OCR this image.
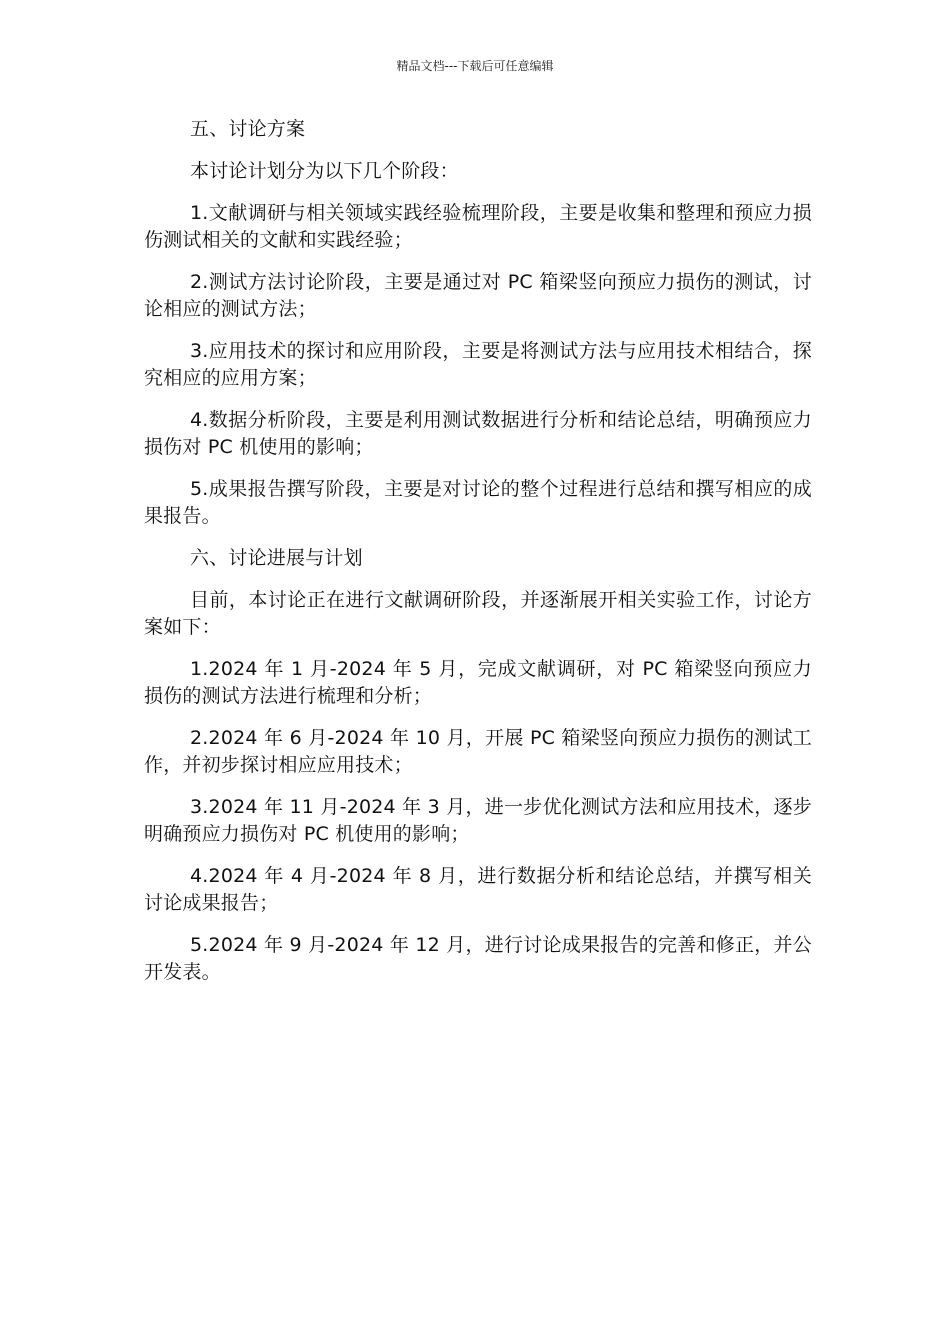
精品文档---下载后可任意编辑

五、讨论方案

本讨论计划分为以下几个阶段：

1.文献调研与相关领域实践经验梳理阶段，主要是收集和整理和预应力损伤测试相关的文献和实践经验；

2.测试方法讨论阶段，主要是通过对 PC 箱梁竖向预应力损伤的测试，讨论相应的测试方法；

3.应用技术的探讨和应用阶段，主要是将测试方法与应用技术相结合，探究相应的应用方案；

4.数据分析阶段，主要是利用测试数据进行分析和结论总结，明确预应力损伤对 PC 机使用的影响；

5.成果报告撰写阶段，主要是对讨论的整个过程进行总结和撰写相应的成果报告。

六、讨论进展与计划

目前，本讨论正在进行文献调研阶段，并逐渐展开相关实验工作，讨论方案如下：

1.2024 年 1 月-2024 年 5 月，完成文献调研，对 PC 箱梁竖向预应力损伤的测试方法进行梳理和分析；

2.2024 年 6 月-2024 年 10 月，开展 PC 箱梁竖向预应力损伤的测试工作，并初步探讨相应应用技术；

3.2024 年 11 月-2024 年 3 月，进一步优化测试方法和应用技术，逐步明确预应力损伤对 PC 机使用的影响；

4.2024 年 4 月-2024 年 8 月，进行数据分析和结论总结，并撰写相关讨论成果报告；

5.2024 年 9 月-2024 年 12 月，进行讨论成果报告的完善和修正，并公开发表。
